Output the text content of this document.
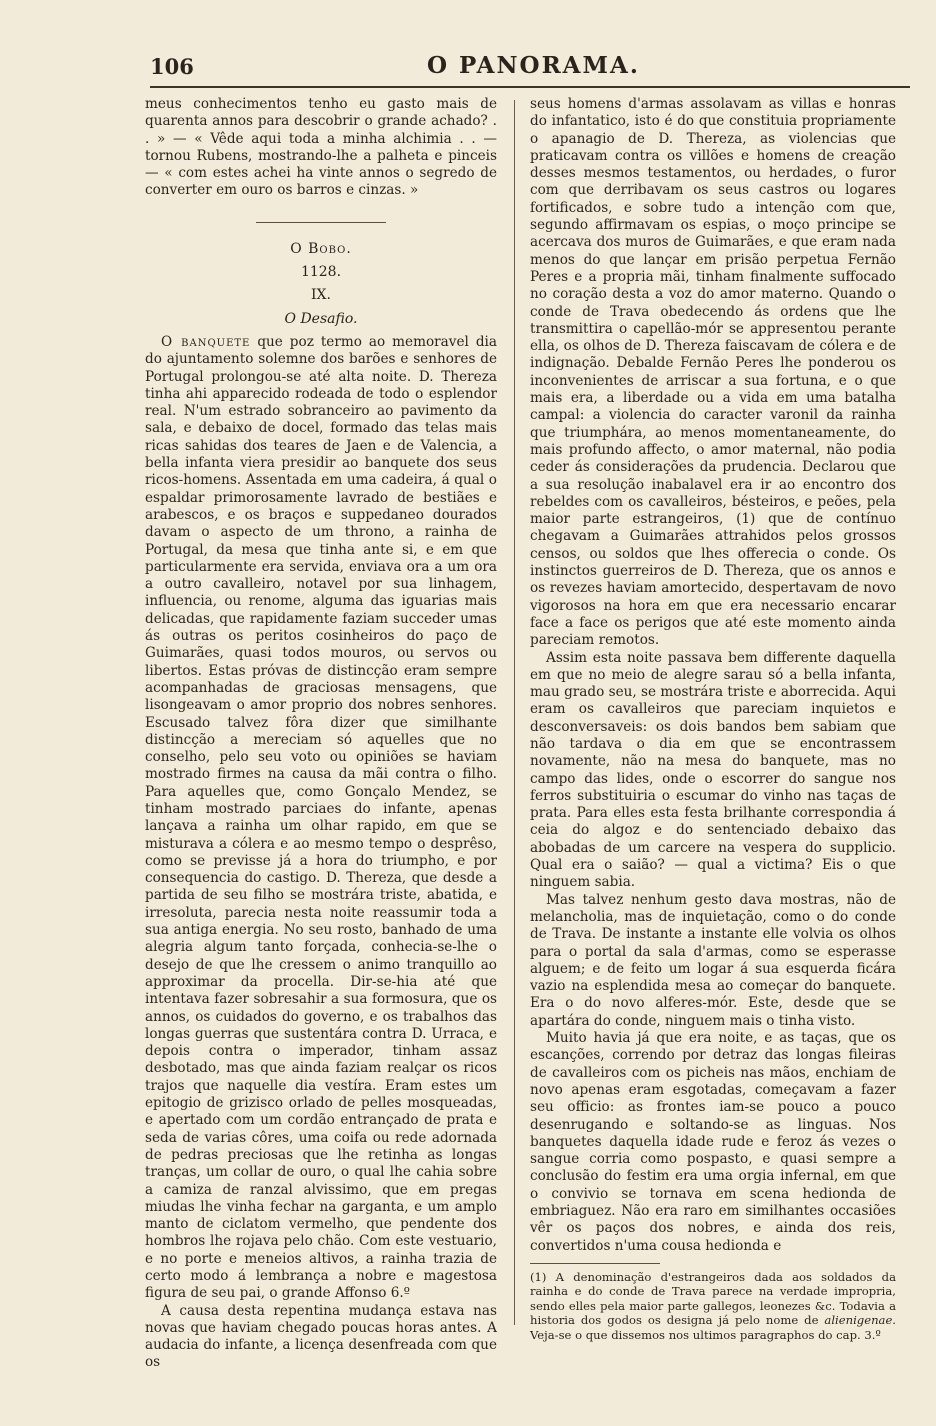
106	O PANORAMA.

meus conhecimentos tenho eu gasto mais de quarenta annos para descobrir o grande achado? . . » — « Vêde aqui toda a minha alchimia . . — tornou Rubens, mostrando-lhe a palheta e pinceis — « com estes achei ha vinte annos o segredo de converter em ouro os barros e cinzas. »

O Bobo.

1128.

IX.

O Desafio.

O banquete que poz termo ao memoravel dia do ajuntamento solemne dos barões e senhores de Portugal prolongou-se até alta noite. D. Thereza tinha ahi apparecido rodeada de todo o esplendor real. N'um estrado sobranceiro ao pavimento da sala, e debaixo de docel, formado das telas mais ricas sahidas dos teares de Jaen e de Valencia, a bella infanta viera presidir ao banquete dos seus ricos-homens. Assentada em uma cadeira, á qual o espaldar primorosamente lavrado de bestiães e arabescos, e os braços e suppedaneo dourados davam o aspecto de um throno, a rainha de Portugal, da mesa que tinha ante si, e em que particularmente era servida, enviava ora a um ora a outro cavalleiro, notavel por sua linhagem, influencia, ou renome, alguma das iguarias mais delicadas, que rapidamente faziam succeder umas ás outras os peritos cosinheiros do paço de Guimarães, quasi todos mouros, ou servos ou libertos. Estas próvas de distincção eram sempre acompanhadas de graciosas mensagens, que lisongeavam o amor proprio dos nobres senhores. Escusado talvez fôra dizer que similhante distincção a mereciam só aquelles que no conselho, pelo seu voto ou opiniões se haviam mostrado firmes na causa da mãi contra o filho. Para aquelles que, como Gonçalo Mendez, se tinham mostrado parciaes do infante, apenas lançava a rainha um olhar rapido, em que se misturava a cólera e ao mesmo tempo o desprêso, como se previsse já a hora do triumpho, e por consequencia do castigo. D. Thereza, que desde a partida de seu filho se mostrára triste, abatida, e irresoluta, parecia nesta noite reassumir toda a sua antiga energia. No seu rosto, banhado de uma alegria algum tanto forçada, conhecia-se-lhe o desejo de que lhe cressem o animo tranquillo ao approximar da procella. Dir-se-hia até que intentava fazer sobresahir a sua formosura, que os annos, os cuidados do governo, e os trabalhos das longas guerras que sustentára contra D. Urraca, e depois contra o imperador, tinham assaz desbotado, mas que ainda faziam realçar os ricos trajos que naquelle dia vestíra. Eram estes um epitogio de grizisco orlado de pelles mosqueadas, e apertado com um cordão entrançado de prata e seda de varias côres, uma coifa ou rede adornada de pedras preciosas que lhe retinha as longas tranças, um collar de ouro, o qual lhe cahia sobre a camiza de ranzal alvissimo, que em pregas miudas lhe vinha fechar na garganta, e um amplo manto de ciclatom vermelho, que pendente dos hombros lhe rojava pelo chão. Com este vestuario, e no porte e meneios altivos, a rainha trazia de certo modo á lembrança a nobre e magestosa figura de seu pai, o grande Affonso 6.º

A causa desta repentina mudança estava nas novas que haviam chegado poucas horas antes. A audacia do infante, a licença desenfreada com que os

seus homens d'armas assolavam as villas e honras do infantatico, isto é do que constituia propriamente o apanagio de D. Thereza, as violencias que praticavam contra os villões e homens de creação desses mesmos testamentos, ou herdades, o furor com que derribavam os seus castros ou logares fortificados, e sobre tudo a intenção com que, segundo affirmavam os espias, o moço principe se acercava dos muros de Guimarães, e que eram nada menos do que lançar em prisão perpetua Fernão Peres e a propria mãi, tinham finalmente suffocado no coração desta a voz do amor materno. Quando o conde de Trava obedecendo ás ordens que lhe transmittira o capellão-mór se appresentou perante ella, os olhos de D. Thereza faiscavam de cólera e de indignação. Debalde Fernão Peres lhe ponderou os inconvenientes de arriscar a sua fortuna, e o que mais era, a liberdade ou a vida em uma batalha campal: a violencia do caracter varonil da rainha que triumphára, ao menos momentaneamente, do mais profundo affecto, o amor maternal, não podia ceder ás considerações da prudencia. Declarou que a sua resolução inabalavel era ir ao encontro dos rebeldes com os cavalleiros, bésteiros, e peões, pela maior parte estrangeiros, (1) que de contínuo chegavam a Guimarães attrahidos pelos grossos censos, ou soldos que lhes offerecia o conde. Os instinctos guerreiros de D. Thereza, que os annos e os revezes haviam amortecido, despertavam de novo vigorosos na hora em que era necessario encarar face a face os perigos que até este momento ainda pareciam remotos.

Assim esta noite passava bem differente daquella em que no meio de alegre sarau só a bella infanta, mau grado seu, se mostrára triste e aborrecida. Aqui eram os cavalleiros que pareciam inquietos e desconversaveis: os dois bandos bem sabiam que não tardava o dia em que se encontrassem novamente, não na mesa do banquete, mas no campo das lides, onde o escorrer do sangue nos ferros substituiria o escumar do vinho nas taças de prata. Para elles esta festa brilhante correspondia á ceia do algoz e do sentenciado debaixo das abobadas de um carcere na vespera do supplicio. Qual era o saião? — qual a victima? Eis o que ninguem sabia.

Mas talvez nenhum gesto dava mostras, não de melancholia, mas de inquietação, como o do conde de Trava. De instante a instante elle volvia os olhos para o portal da sala d'armas, como se esperasse alguem; e de feito um logar á sua esquerda ficára vazio na esplendida mesa ao começar do banquete. Era o do novo alferes-mór. Este, desde que se apartára do conde, ninguem mais o tinha visto.

Muito havia já que era noite, e as taças, que os escanções, correndo por detraz das longas fileiras de cavalleiros com os picheis nas mãos, enchiam de novo apenas eram esgotadas, começavam a fazer seu officio: as frontes iam-se pouco a pouco desenrugando e soltando-se as linguas. Nos banquetes daquella idade rude e feroz ás vezes o sangue corria como pospasto, e quasi sempre a conclusão do festim era uma orgia infernal, em que o convivio se tornava em scena hedionda de embriaguez. Não era raro em similhantes occasiões vêr os paços dos nobres, e ainda dos reis, convertidos n'uma cousa hedionda e

(1) A denominação d'estrangeiros dada aos soldados da rainha e do conde de Trava parece na verdade impropria, sendo elles pela maior parte gallegos, leonezes &c. Todavia a historia dos godos os designa já pelo nome de alienigenae. Veja-se o que dissemos nos ultimos paragraphos do cap. 3.º
